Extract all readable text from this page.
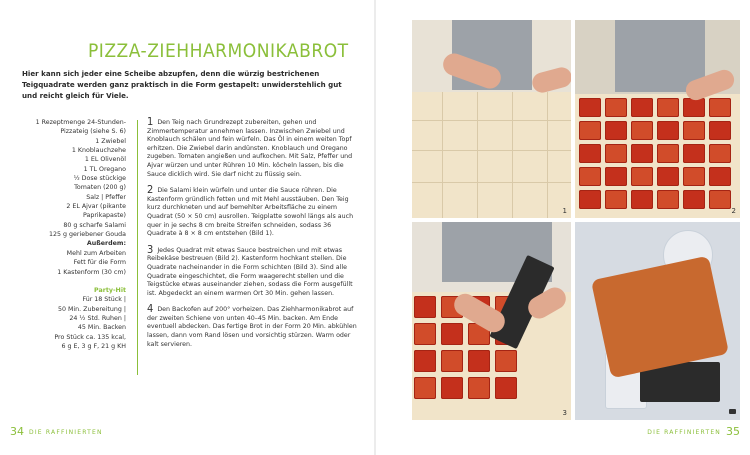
PIZZA-ZIEHHARMONIKABROT
Hier kann sich jeder eine Scheibe abzupfen, denn die würzig bestrichenen Teigquadrate werden ganz praktisch in die Form gestapelt: unwiderstehlich gut und reicht gleich für Viele.
1 Rezeptmenge 24-Stunden-
Pizzateig (siehe S. 6)
1 Zwiebel
1 Knoblauchzehe
1 EL Olivenöl
1 TL Oregano
½ Dose stückige
Tomaten (200 g)
Salz | Pfeffer
2 EL Ajvar (pikante
Paprikapaste)
80 g scharfe Salami
125 g geriebener Gouda
Außerdem:
Mehl zum Arbeiten
Fett für die Form
1 Kastenform (30 cm)
Party-Hit
Für 18 Stück |
50 Min. Zubereitung |
24 ½ Std. Ruhen |
45 Min. Backen
Pro Stück ca. 135 kcal,
6 g E, 3 g F, 21 g KH
1 Den Teig nach Grundrezept zubereiten, gehen und Zimmertemperatur annehmen lassen. Inzwischen Zwiebel und Knoblauch schälen und fein würfeln. Das Öl in einem weiten Topf erhitzen. Die Zwiebel darin andünsten. Knoblauch und Oregano zugeben. Tomaten angießen und aufkochen. Mit Salz, Pfeffer und Ajvar würzen und unter Rühren 10 Min. köcheln lassen, bis die Sauce dicklich wird. Sie darf nicht zu flüssig sein.
2 Die Salami klein würfeln und unter die Sauce rühren. Die Kastenform gründlich fetten und mit Mehl ausstäuben. Den Teig kurz durchkneten und auf bemehlter Arbeitsfläche zu einem Quadrat (50 × 50 cm) ausrollen. Teigplatte sowohl längs als auch quer in je sechs 8 cm breite Streifen schneiden, sodass 36 Quadrate à 8 × 8 cm entstehen (Bild 1).
3 Jedes Quadrat mit etwas Sauce bestreichen und mit etwas Reibekäse bestreuen (Bild 2). Kastenform hochkant stellen. Die Quadrate nacheinander in die Form schichten (Bild 3). Sind alle Quadrate eingeschichtet, die Form waagerecht stellen und die Teigstücke etwas auseinander ziehen, sodass die Form ausgefüllt ist. Abgedeckt an einem warmen Ort 30 Min. gehen lassen.
4 Den Backofen auf 200° vorheizen. Das Ziehharmonikabrot auf der zweiten Schiene von unten 40–45 Min. backen. Am Ende eventuell abdecken. Das fertige Brot in der Form 20 Min. abkühlen lassen, dann vom Rand lösen und vorsichtig stürzen. Warm oder kalt servieren.
34 DIE RAFFINIERTEN	DIE RAFFINIERTEN 35
1	2
3
